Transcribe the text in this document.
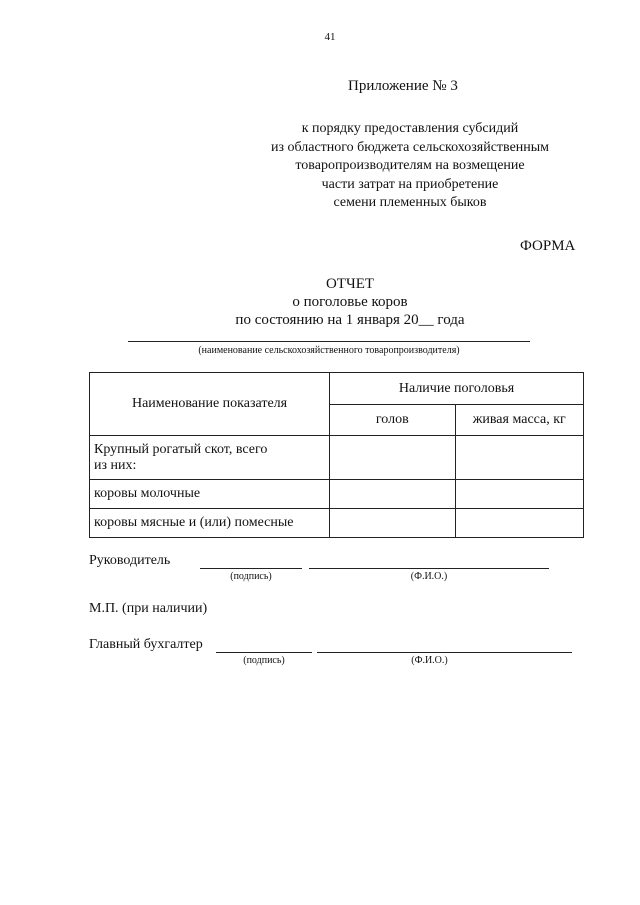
41
Приложение № 3
к порядку предоставления субсидий
из областного бюджета сельскохозяйственным
товаропроизводителям на возмещение
части затрат на приобретение
семени племенных быков
ФОРМА
ОТЧЕТ
о поголовье коров
по состоянию на 1 января 20__ года
(наименование сельскохозяйственного товаропроизводителя)
Наименование показателя	Наличие поголовья	
	голов	живая масса, кг

Крупный рогатый скот, всего
из них:		

коровы молочные		
коровы мясные и (или) помесные		
Руководитель
(подпись)	(Ф.И.О.)
М.П. (при наличии)
Главный бухгалтер
(подпись)	(Ф.И.О.)
